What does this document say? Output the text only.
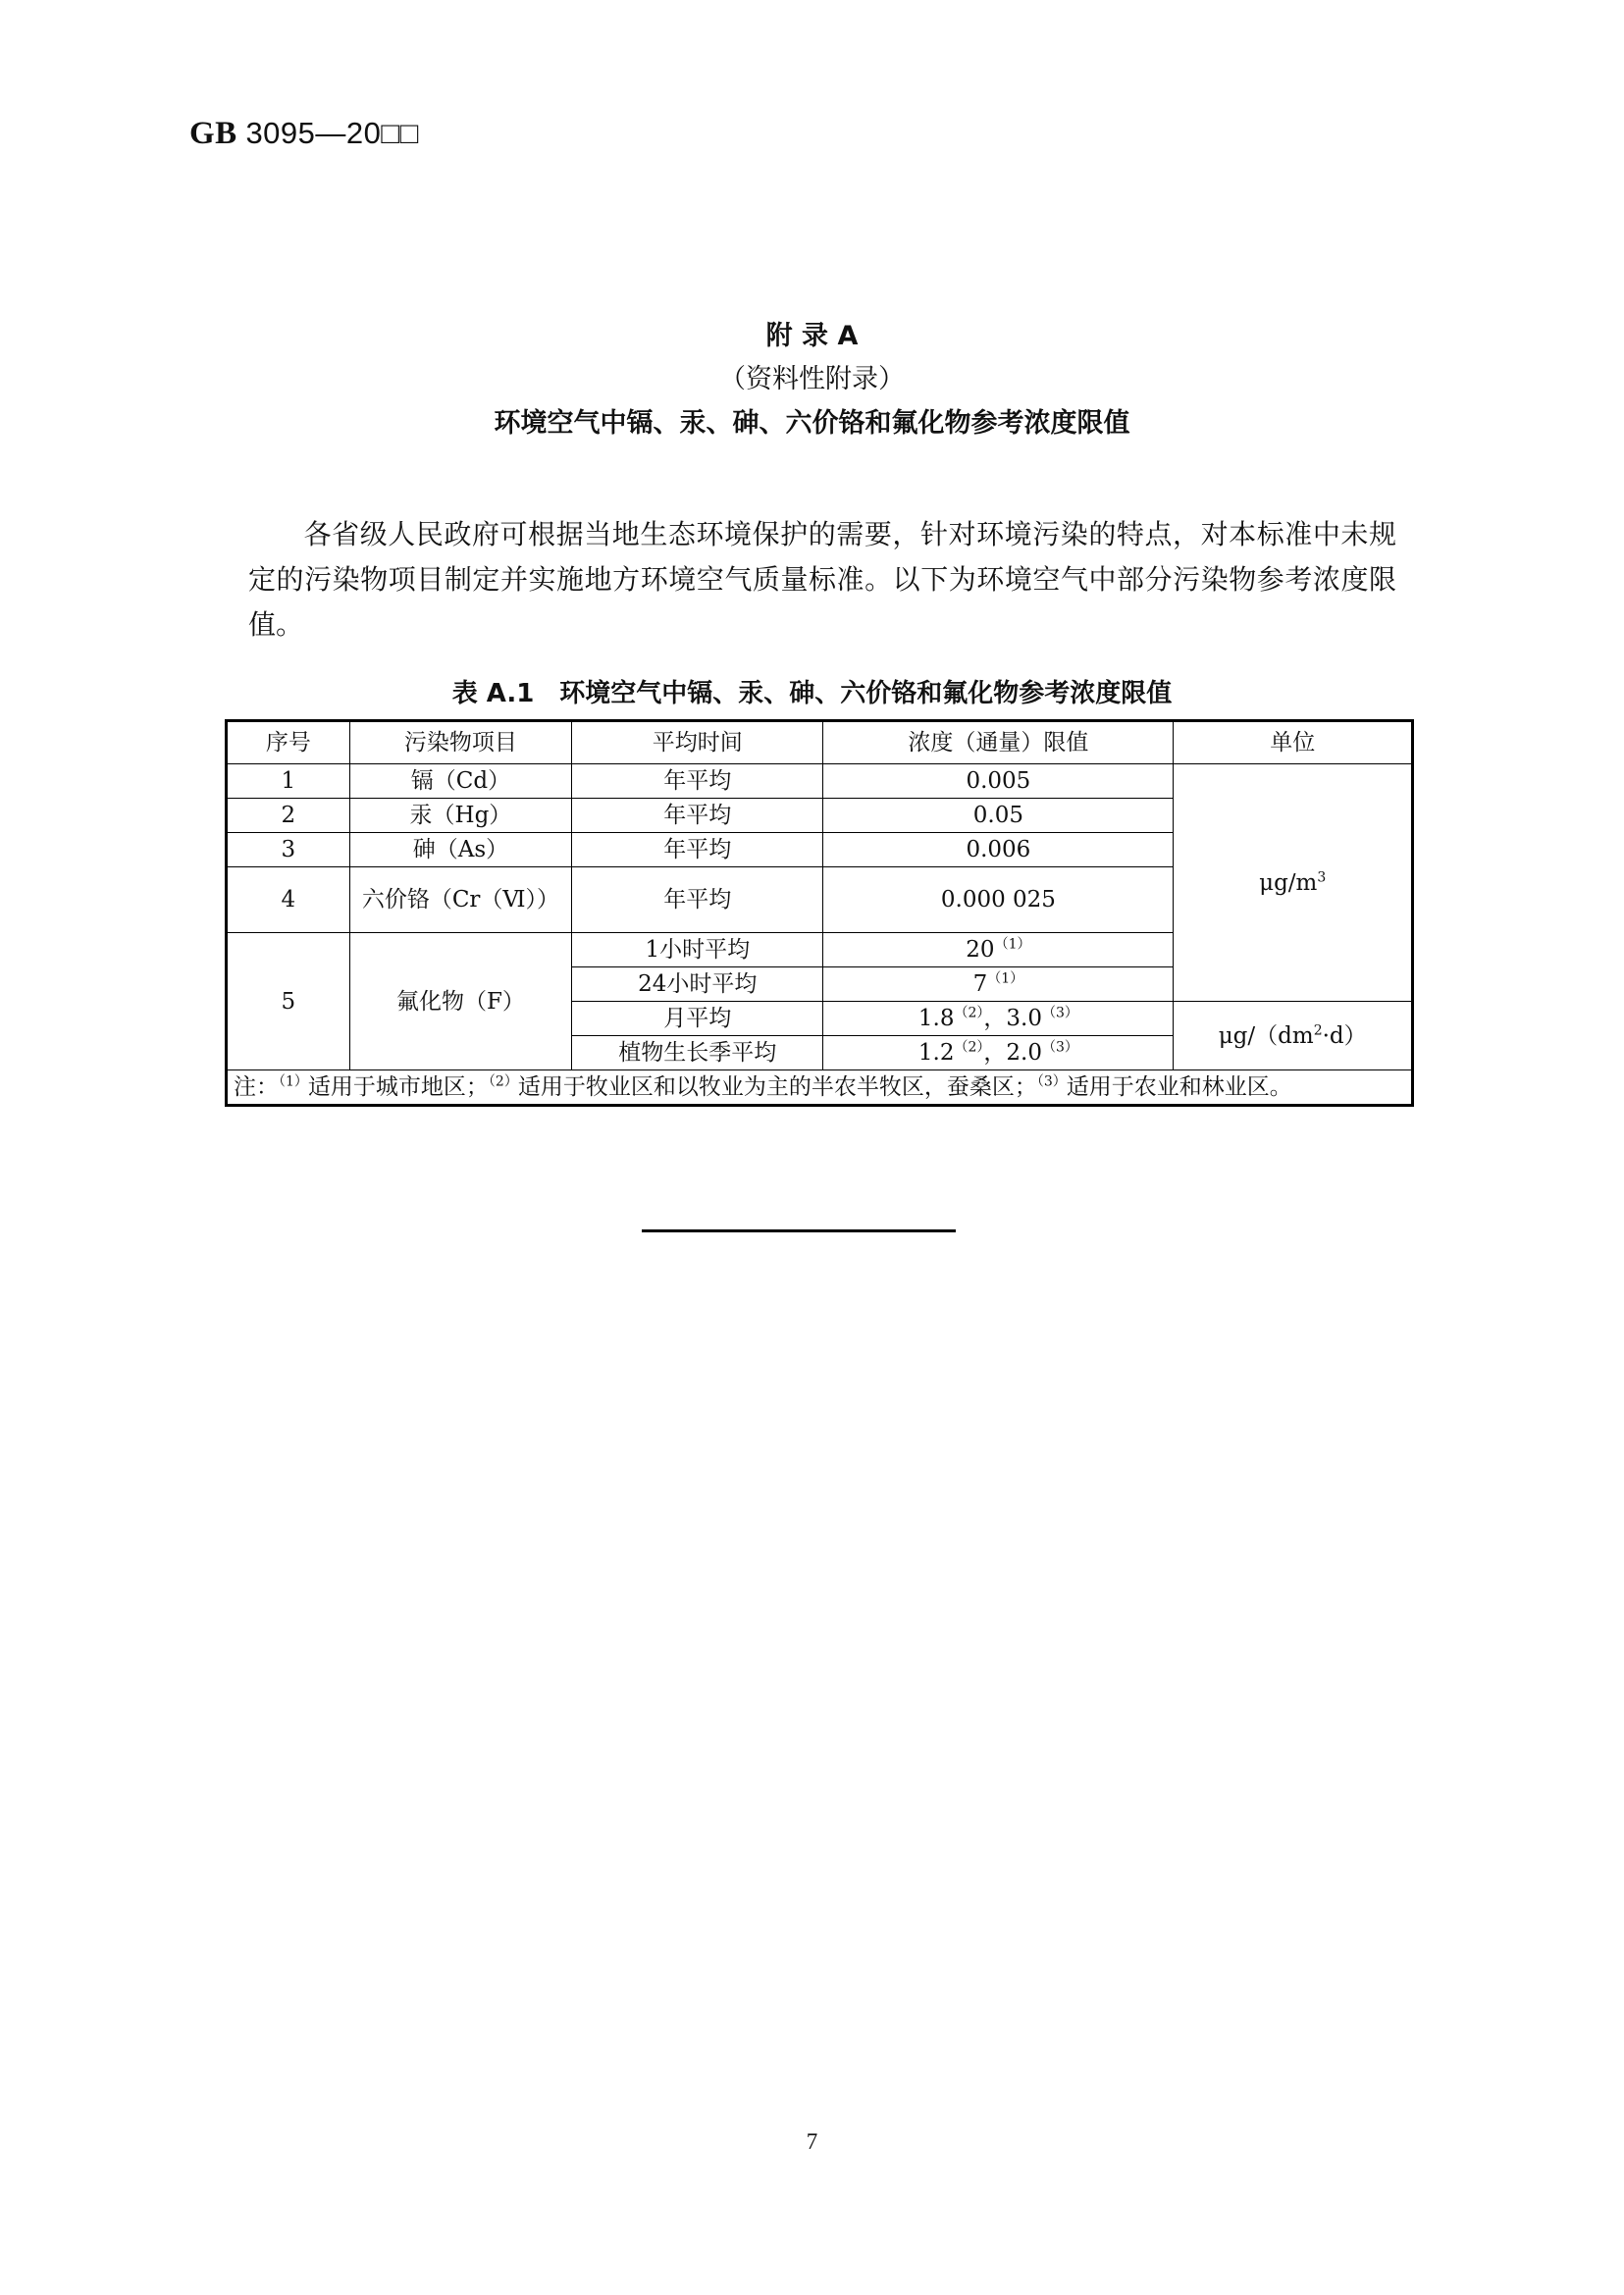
GB 3095—20□□
附 录 A
（资料性附录）
环境空气中镉、汞、砷、六价铬和氟化物参考浓度限值
各省级人民政府可根据当地生态环境保护的需要，针对环境污染的特点，对本标准中未规定的污染物项目制定并实施地方环境空气质量标准。以下为环境空气中部分污染物参考浓度限值。
表 A.1　环境空气中镉、汞、砷、六价铬和氟化物参考浓度限值
序号	污染物项目	平均时间	浓度（通量）限值	单位
1	镉（Cd）	年平均	0.005	$\mu g/m^3$
2	汞（Hg）	年平均	0.05	
3	砷（As）	年平均	0.006	
4	六价铬（Cr（Ⅵ））	年平均	0.000 025	
5	氟化物（F）	1小时平均	$20^{(1)}$
		24小时平均	$7^{(1)}$
		月平均	$1.8^{(2)}$，$3.0^{(3)}$	$\mu g/(dm^2\cdot d)$
		植物生长季平均	$1.2^{(2)}$，$2.0^{(3)}$
注：$^{(1)}$适用于城市地区；$^{(2)}$适用于牧业区和以牧业为主的半农半牧区，蚕桑区；$^{(3)}$适用于农业和林业区。				
7
